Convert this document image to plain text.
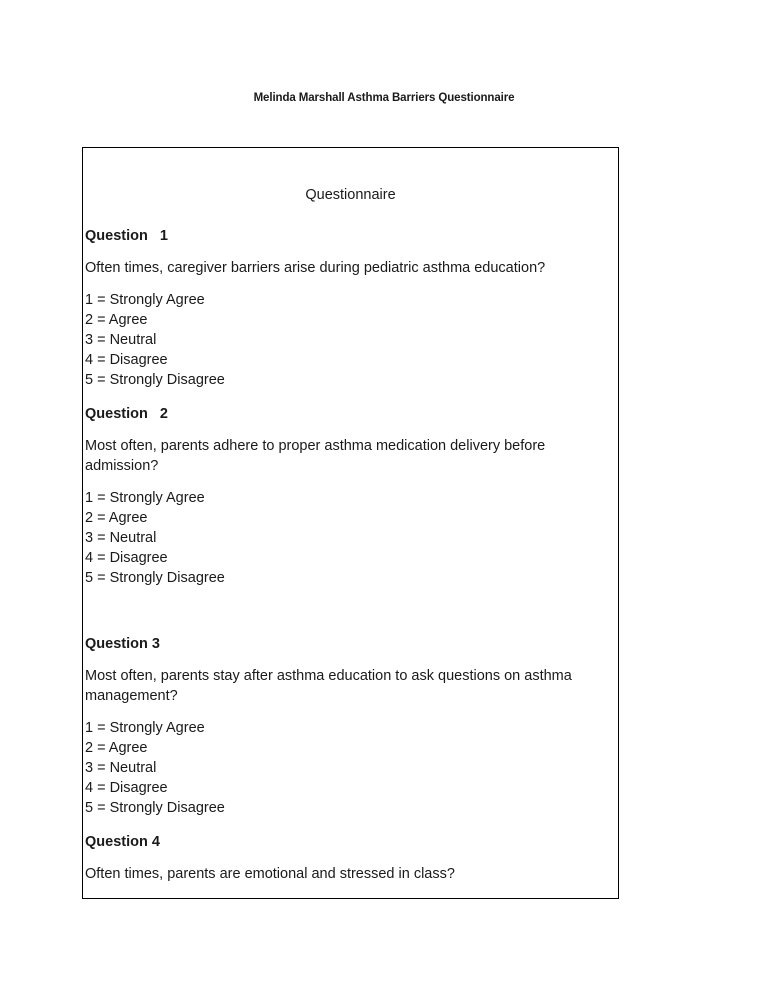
Melinda Marshall Asthma Barriers Questionnaire
Questionnaire
Question   1
Often times, caregiver barriers arise during pediatric asthma education?
1 = Strongly Agree
2 = Agree
3 = Neutral
4 = Disagree
5 = Strongly Disagree
Question   2
Most often, parents adhere to proper asthma medication delivery before admission?
1 = Strongly Agree
2 = Agree
3 = Neutral
4 = Disagree
5 = Strongly Disagree
Question 3
Most often, parents stay after asthma education to ask questions on asthma management?
1 = Strongly Agree
2 = Agree
3 = Neutral
4 = Disagree
5 = Strongly Disagree
Question 4
Often times, parents are emotional and stressed in class?
